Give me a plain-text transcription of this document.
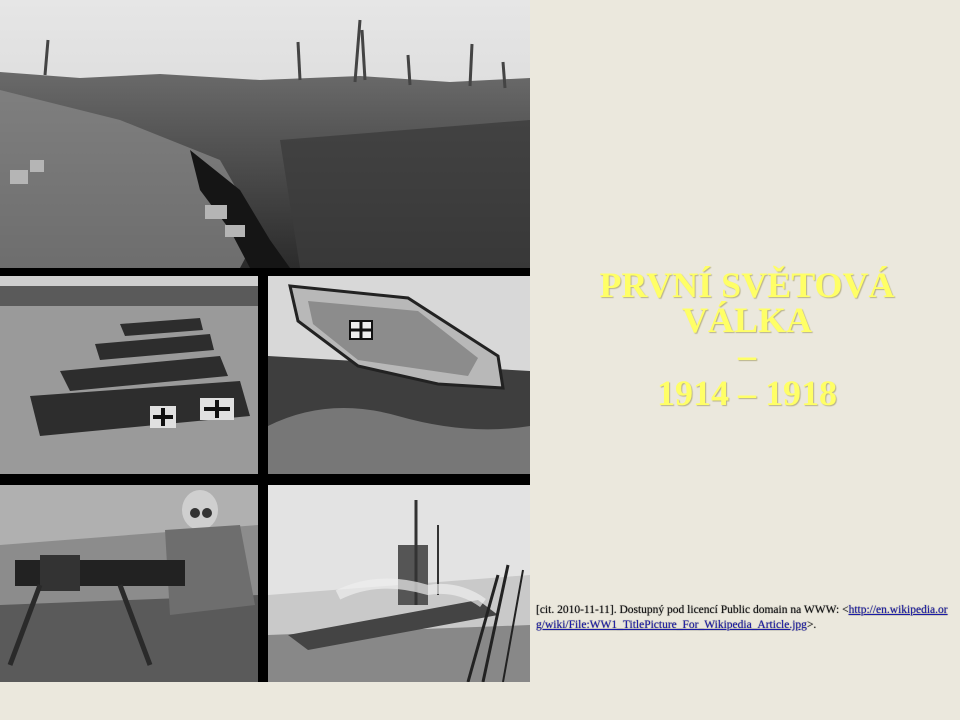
PRVNÍ SVĚTOVÁ
VÁLKA
–
1914 – 1918
[cit. 2010-11-11]. Dostupný pod licencí Public domain na WWW: <http://en.wikipedia.org/wiki/File:WW1_TitlePicture_For_Wikipedia_Article.jpg>.
